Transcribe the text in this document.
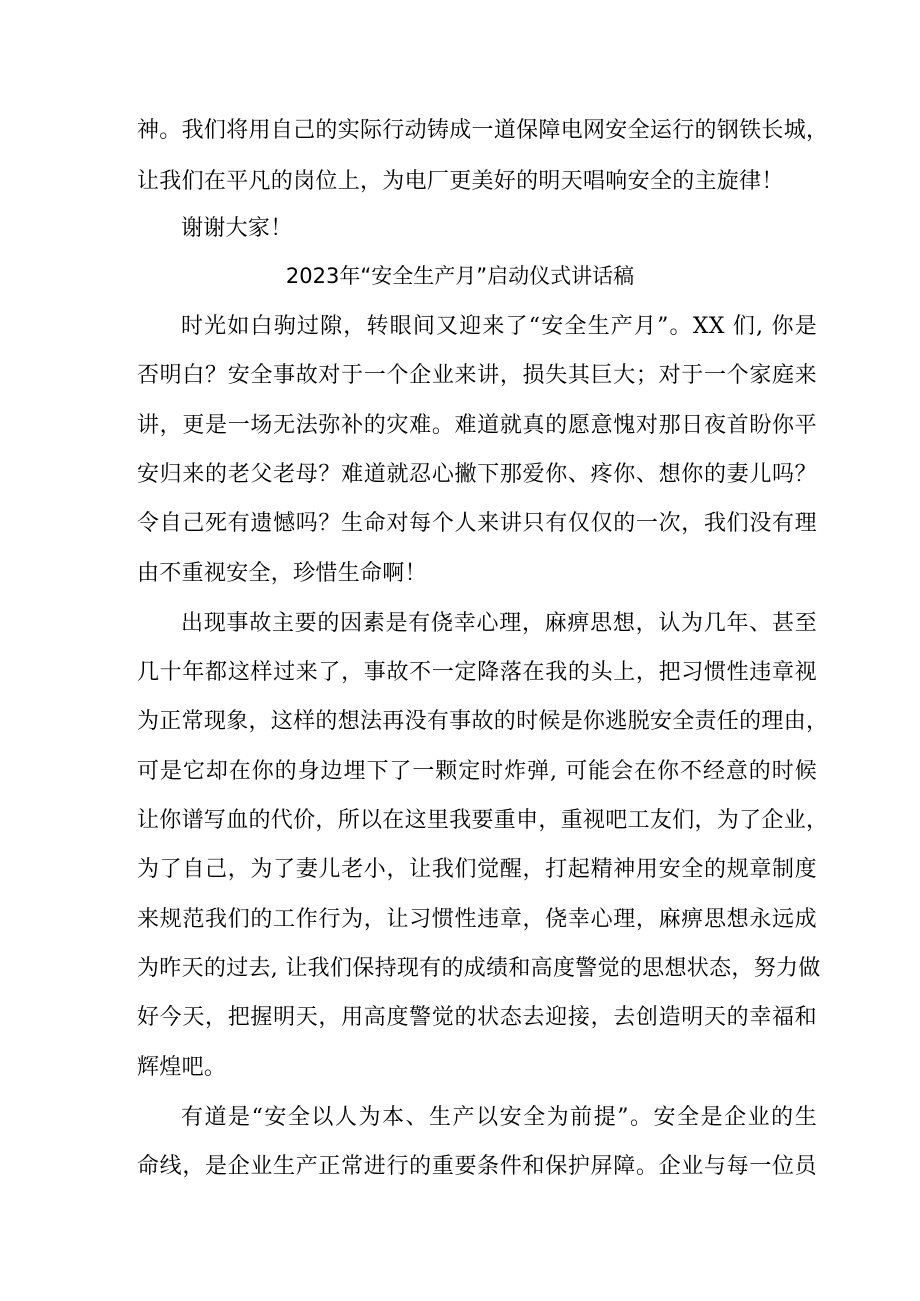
神。我们将用自己的实际行动铸成一道保障电网安全运行的钢铁长城，
让我们在平凡的岗位上，为电厂更美好的明天唱响安全的主旋律！
谢谢大家！
2023年“安全生产月”启动仪式讲话稿
时光如白驹过隙，转眼间又迎来了“安全生产月”。XX 们, 你是
否明白？安全事故对于一个企业来讲，损失其巨大；对于一个家庭来
讲，更是一场无法弥补的灾难。难道就真的愿意愧对那日夜首盼你平
安归来的老父老母？难道就忍心撇下那爱你、疼你、想你的妻儿吗？
令自己死有遗憾吗？生命对每个人来讲只有仅仅的一次，我们没有理
由不重视安全，珍惜生命啊！
出现事故主要的因素是有侥幸心理，麻痹思想，认为几年、甚至
几十年都这样过来了，事故不一定降落在我的头上，把习惯性违章视
为正常现象，这样的想法再没有事故的时候是你逃脱安全责任的理由，
可是它却在你的身边埋下了一颗定时炸弹, 可能会在你不经意的时候
让你谱写血的代价，所以在这里我要重申，重视吧工友们，为了企业，
为了自己，为了妻儿老小，让我们觉醒，打起精神用安全的规章制度
来规范我们的工作行为，让习惯性违章，侥幸心理，麻痹思想永远成
为昨天的过去, 让我们保持现有的成绩和高度警觉的思想状态，努力做
好今天，把握明天，用高度警觉的状态去迎接，去创造明天的幸福和
辉煌吧。
有道是“安全以人为本、生产以安全为前提”。安全是企业的生
命线，是企业生产正常进行的重要条件和保护屏障。企业与每一位员
